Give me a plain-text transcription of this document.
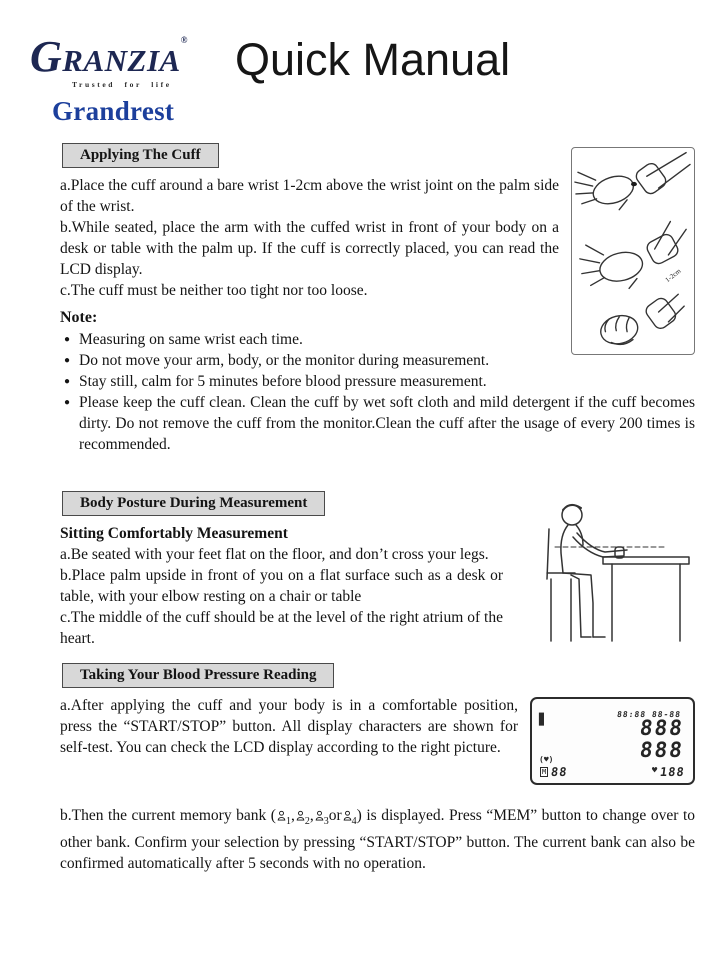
GRANZIA®
Trusted for life
Grandrest
Quick Manual
Applying The Cuff
1-2cm

a.Place the cuff around a bare wrist 1-2cm above the wrist joint on the palm side of the wrist.

b.While seated, place the arm with the cuffed wrist in front of your body on a desk or table with the palm up. If the cuff is correctly placed, you can read the LCD display.

c.The cuff must be neither too tight nor too loose.

Note:
● Measuring on same wrist each time.
● Do not move your arm, body, or the monitor during measurement.
● Stay still, calm for 5 minutes before blood pressure measurement.
● Please keep the cuff clean. Clean the cuff by wet soft cloth and mild detergent if the cuff becomes dirty. Do not remove the cuff from the monitor.Clean the cuff after the usage of every 200 times is recommended.
Body Posture During Measurement
Sitting Comfortably Measurement

a.Be seated with your feet flat on the floor, and don’t cross your legs.

b.Place palm upside in front of you on a flat surface such as a desk or table, with your elbow resting on a chair or table

c.The middle of the cuff should be at the level of the right atrium of the heart.

Taking Your Blood Pressure Reading
88:88 88-88
▊
(♥)
888
888
M 88	♥ 188

a.After applying the cuff and your body is in a comfortable position, press the “START/STOP” button. All display characters are shown for self-test. You can check the LCD display according to the right picture.

b.Then the current memory bank ( $_1$, $_2$, $_3$or $_4$) is displayed. Press “MEM” button to change over to other bank. Confirm your selection by pressing “START/STOP” button. The current bank can also be confirmed automatically after 5 seconds with no operation.
